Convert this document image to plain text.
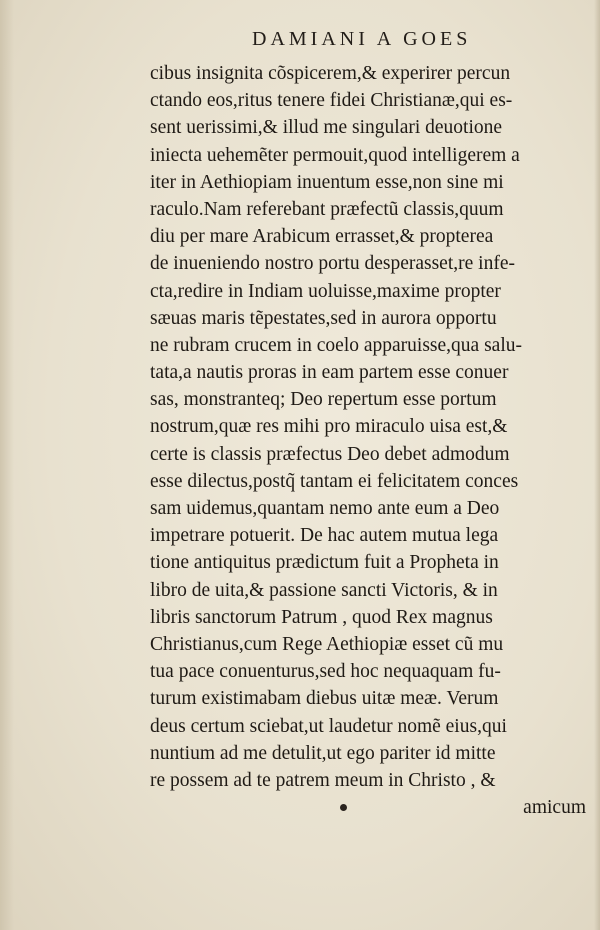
DAMIANI A GOES
cibus insignita cõspicerem,& experirer percun
ctando eos,ritus tenere fidei Christianæ,qui es-
sent uerissimi,& illud me singulari deuotione
iniecta uehemẽter permouit,quod intelligerem a
iter in Aethiopiam inuentum esse,non sine mi
raculo.Nam referebant præfectũ classis,quum
diu per mare Arabicum errasset,& propterea
de inueniendo nostro portu desperasset,re infe-
cta,redire in Indiam uoluisse,maxime propter
sæuas maris tẽpestates,sed in aurora opportu
ne rubram crucem in coelo apparuisse,qua salu-
tata,a nautis proras in eam partem esse conuer
sas, monstranteq; Deo repertum esse portum
nostrum,quæ res mihi pro miraculo uisa est,&
certe is classis præfectus Deo debet admodum
esse dilectus,postq̃ tantam ei felicitatem conces
sam uidemus,quantam nemo ante eum a Deo
impetrare potuerit. De hac autem mutua lega
tione antiquitus prædictum fuit a Propheta in
libro de uita,& passione sancti Victoris, & in
libris sanctorum Patrum , quod Rex magnus
Christianus,cum Rege Aethiopiæ esset cũ mu
tua pace conuenturus,sed hoc nequaquam fu-
turum existimabam diebus uitæ meæ. Verum
deus certum sciebat,ut laudetur nomẽ eius,qui
nuntium ad me detulit,ut ego pariter id mitte
re possem ad te patrem meum in Christo , &
amicum
